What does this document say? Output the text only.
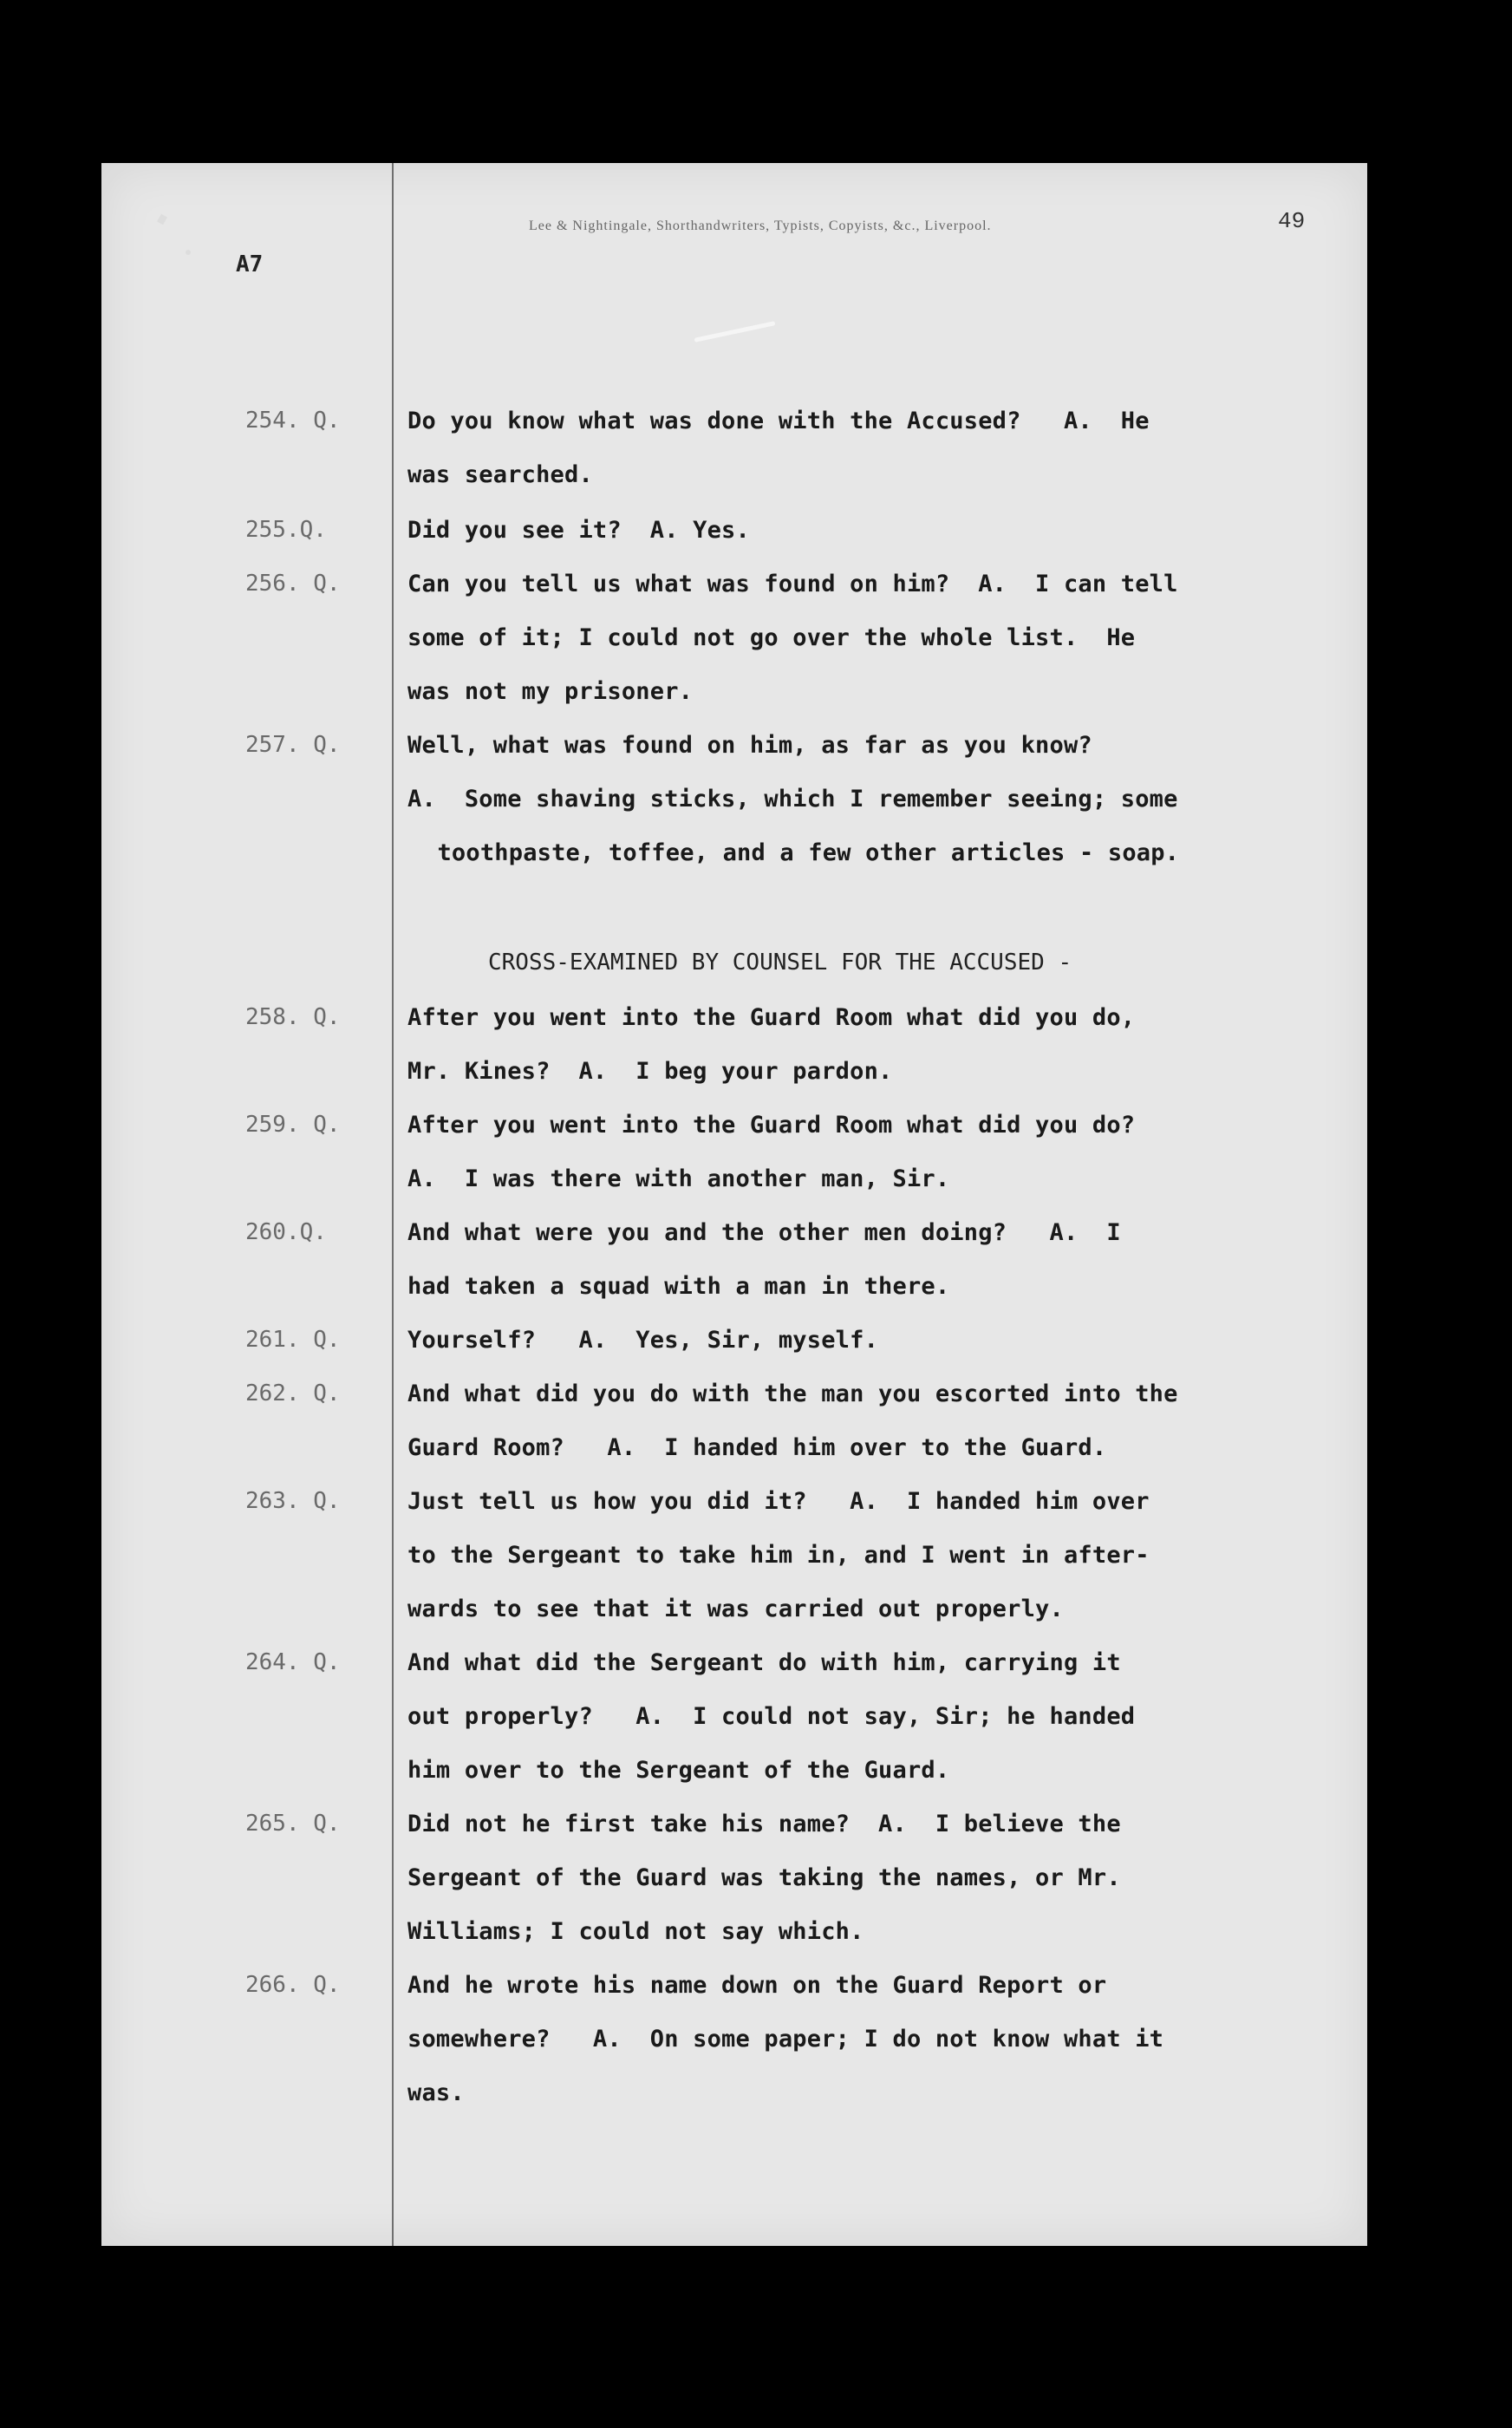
Lee & Nightingale, Shorthandwriters, Typists, Copyists, &c., Liverpool.	49
A7
CROSS-EXAMINED BY COUNSEL FOR THE ACCUSED -
254. Q.	Do you know what was done with the Accused?   A.  He
was searched.
255.Q.	Did you see it?  A. Yes.
256. Q.	Can you tell us what was found on him?  A.  I can tell
some of it; I could not go over the whole list.  He
was not my prisoner.
257. Q.	Well, what was found on him, as far as you know?
A.  Some shaving sticks, which I remember seeing; some
toothpaste, toffee, and a few other articles - soap.
258. Q.	After you went into the Guard Room what did you do,
Mr. Kines?  A.  I beg your pardon.
259. Q.	After you went into the Guard Room what did you do?
A.  I was there with another man, Sir.
260.Q.	And what were you and the other men doing?   A.  I
had taken a squad with a man in there.
261. Q.	Yourself?   A.  Yes, Sir, myself.
262. Q.	And what did you do with the man you escorted into the
Guard Room?   A.  I handed him over to the Guard.
263. Q.	Just tell us how you did it?   A.  I handed him over
to the Sergeant to take him in, and I went in after-
wards to see that it was carried out properly.
264. Q.	And what did the Sergeant do with him, carrying it
out properly?   A.  I could not say, Sir; he handed
him over to the Sergeant of the Guard.
265. Q.	Did not he first take his name?  A.  I believe the
Sergeant of the Guard was taking the names, or Mr.
Williams; I could not say which.
266. Q.	And he wrote his name down on the Guard Report or
somewhere?   A.  On some paper; I do not know what it
was.
